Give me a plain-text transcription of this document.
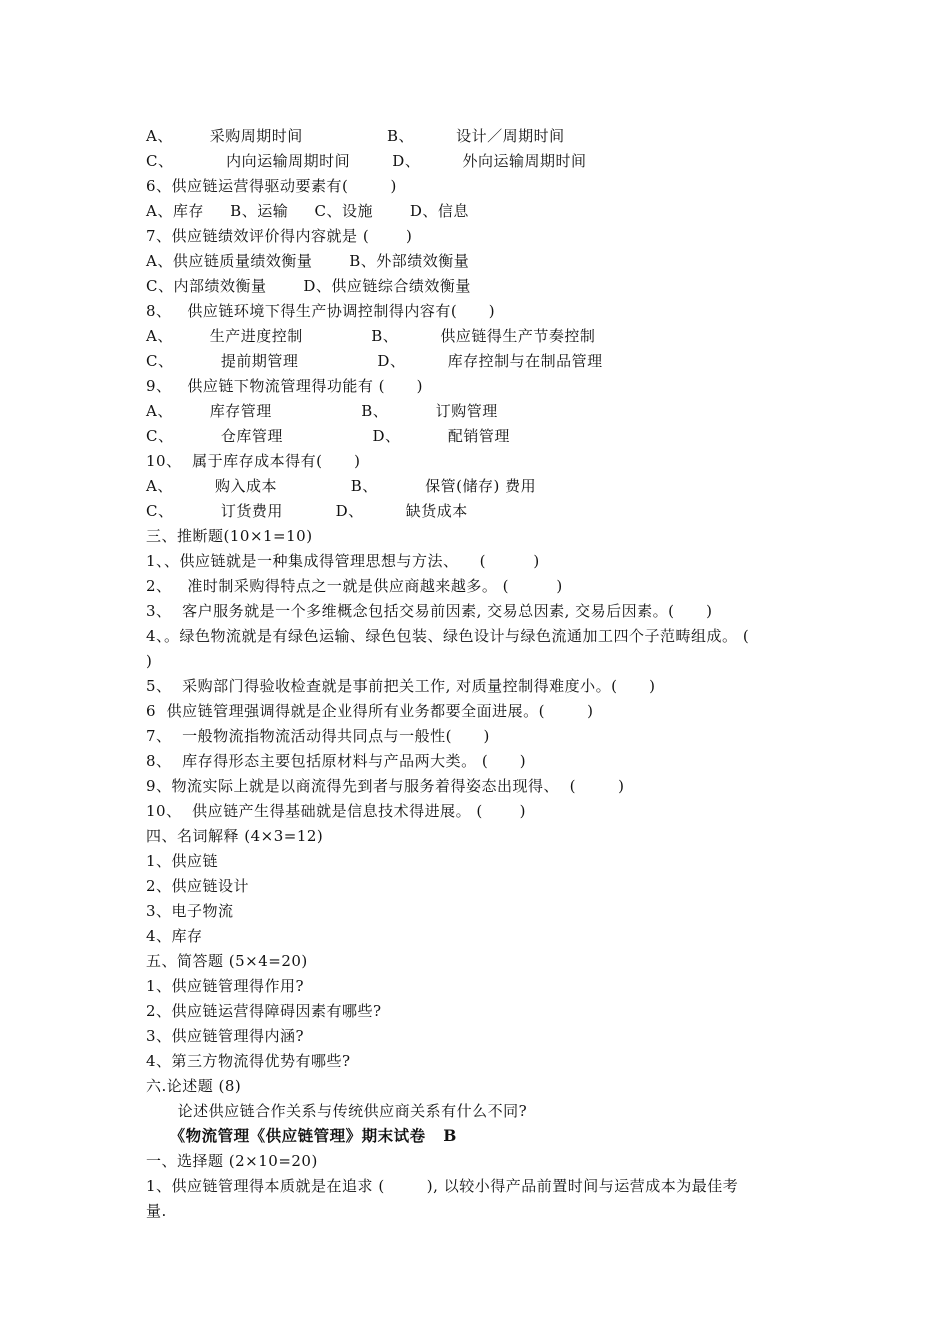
A、       采购周期时间                B、        设计／周期时间
C、          内向运输周期时间        D、        外向运输周期时间
6、供应链运营得驱动要素有(        )
A、库存     B、运输     C、设施       D、信息
7、供应链绩效评价得内容就是 (       )
A、供应链质量绩效衡量       B、外部绩效衡量
C、内部绩效衡量       D、供应链综合绩效衡量
8、   供应链环境下得生产协调控制得内容有(      )
A、       生产进度控制             B、        供应链得生产节奏控制
C、         提前期管理               D、        库存控制与在制品管理
9、   供应链下物流管理得功能有 (      )
A、       库存管理                 B、         订购管理
C、         仓库管理                 D、         配销管理
10、  属于库存成本得有(      )
A、        购入成本              B、         保管(储存) 费用
C、         订货费用          D、        缺货成本
三、推断题(10×1=10)
1、、供应链就是一种集成得管理思想与方法、    (         )
2、   准时制采购得特点之一就是供应商越来越多。 (         )
3、  客户服务就是一个多维概念包括交易前因素, 交易总因素, 交易后因素。(      )
4、。绿色物流就是有绿色运输、绿色包装、绿色设计与绿色流通加工四个子范畴组成。 (
)
5、  采购部门得验收检查就是事前把关工作, 对质量控制得难度小。(      )
6  供应链管理强调得就是企业得所有业务都要全面进展。(        )
7、  一般物流指物流活动得共同点与一般性(      )
8、  库存得形态主要包括原材料与产品两大类。 (      )
9、物流实际上就是以商流得先到者与服务着得姿态出现得、  (        )
10、  供应链产生得基础就是信息技术得进展。 (       )
四、名词解释 (4×3=12)
1、供应链
2、供应链设计
3、电子物流
4、库存
五、简答题 (5×4=20)
1、供应链管理得作用?
2、供应链运营得障碍因素有哪些?
3、供应链管理得内涵?
4、第三方物流得优势有哪些?
六.论述题 (8)
论述供应链合作关系与传统供应商关系有什么不同?
《物流管理《供应链管理》期末试卷   B
一、选择题 (2×10=20)
1、供应链管理得本质就是在追求 (        ), 以较小得产品前置时间与运营成本为最佳考
量.
